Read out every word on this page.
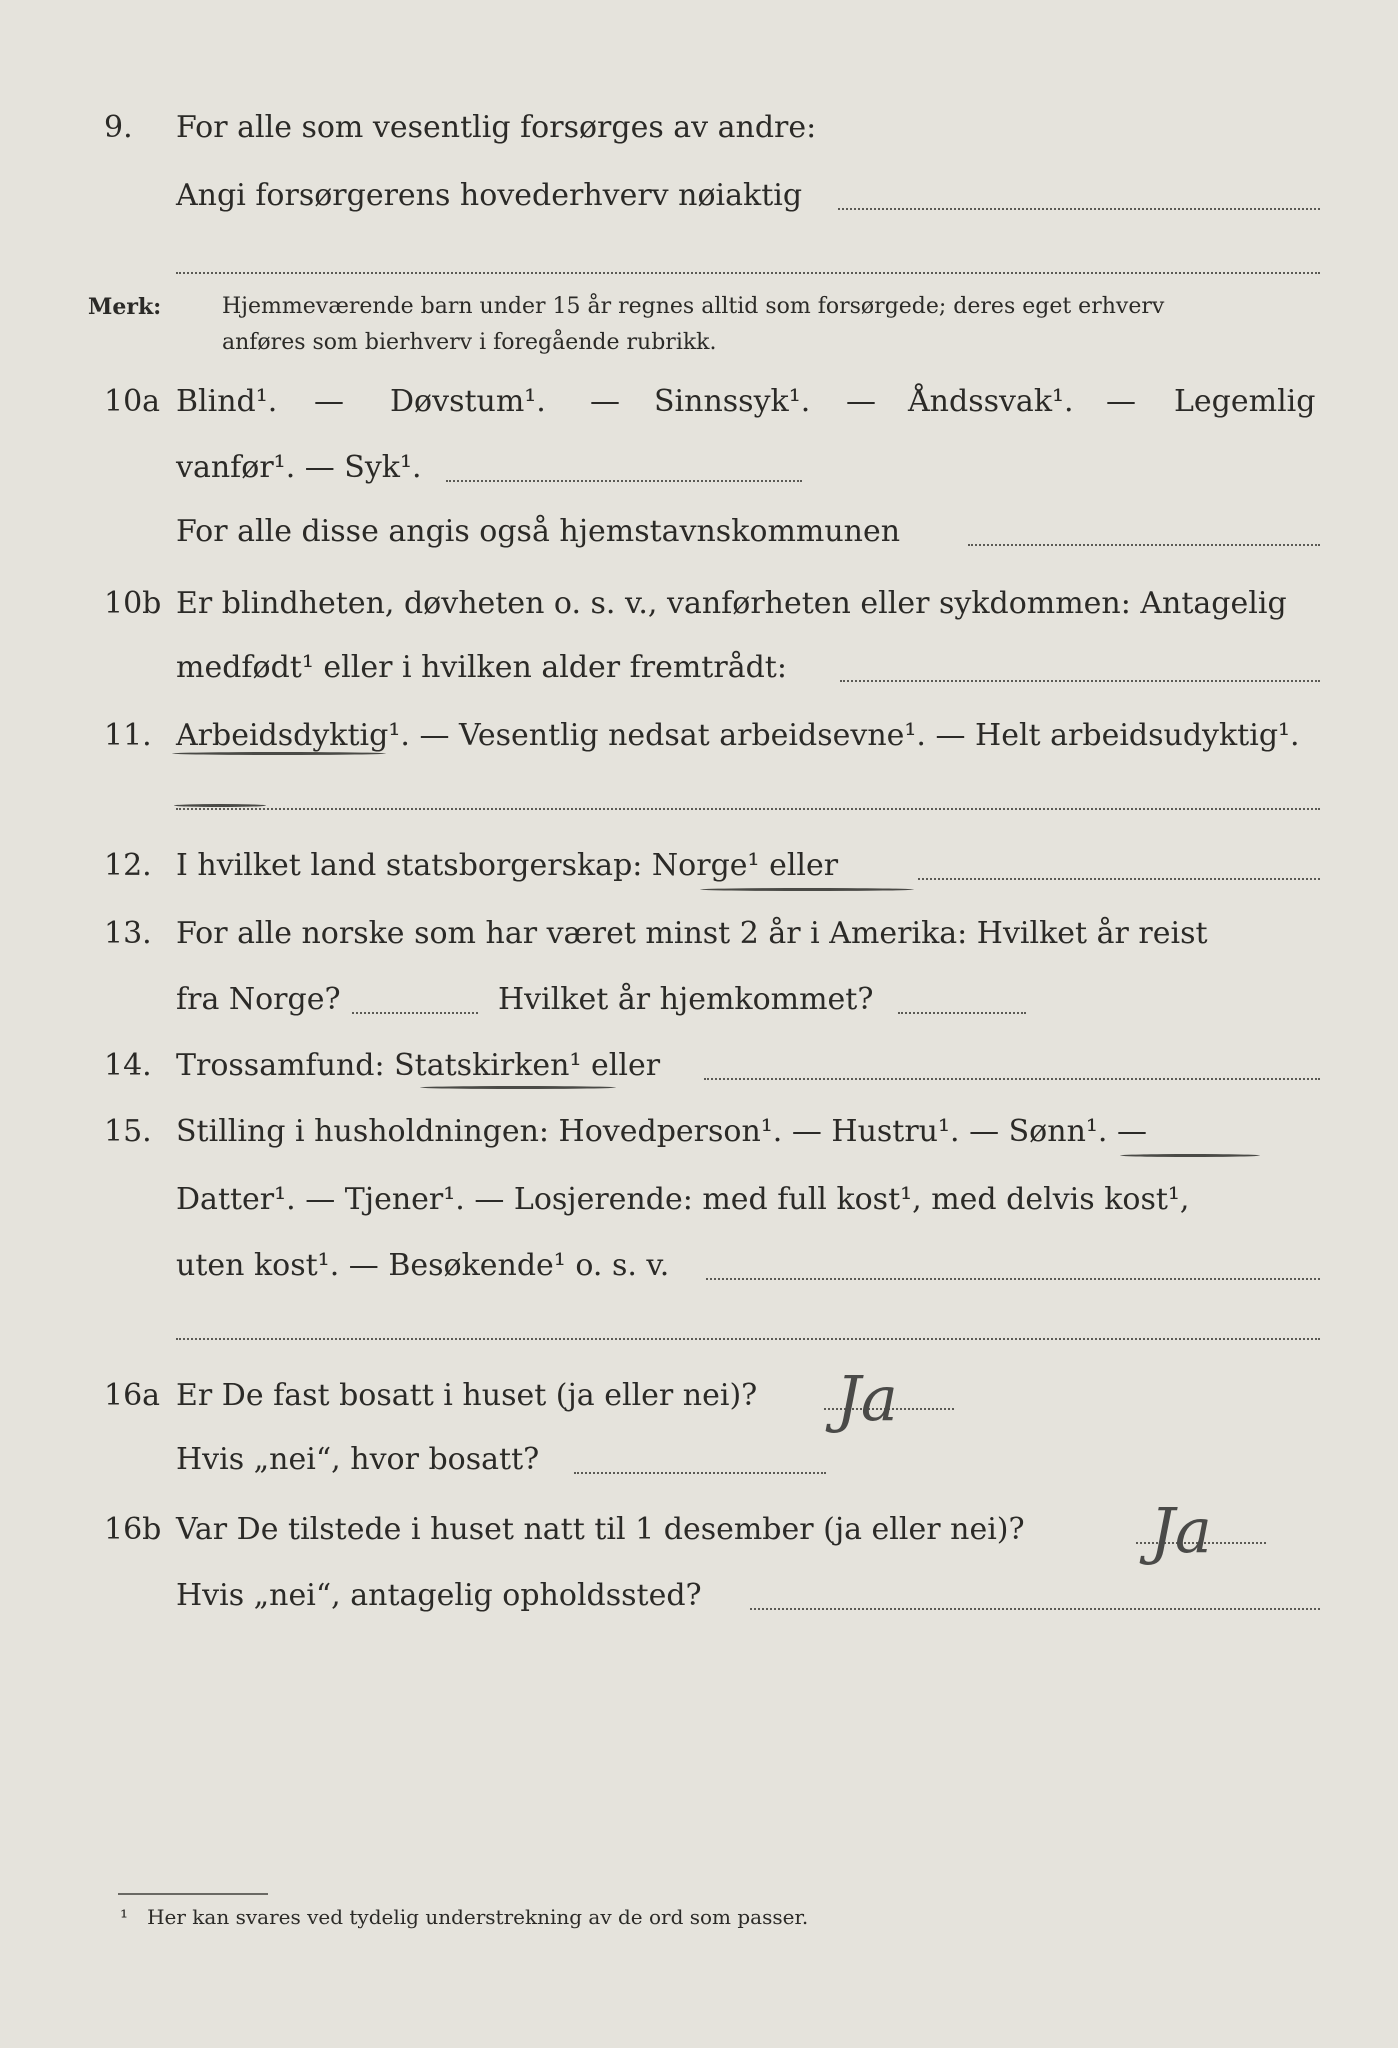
9. For alle som vesentlig forsørges av andre:
Angi forsørgerens hovederhverv nøiaktig
Merk:	Hjemmeværende barn under 15 år regnes alltid som forsørgede; deres eget erhverv
anføres som bierhverv i foregående rubrikk.
10a Blind¹. — Døvstum¹. — Sinnssyk¹. — Åndssvak¹. — Legemlig
vanfør¹. — Syk¹.
For alle disse angis også hjemstavnskommunen
10b Er blindheten, døvheten o. s. v., vanførheten eller sykdommen: Antagelig
medfødt¹ eller i hvilken alder fremtrådt:
11. Arbeidsdyktig¹. — Vesentlig nedsat arbeidsevne¹. — Helt arbeidsudyktig¹.
12. I hvilket land statsborgerskap: Norge¹ eller
13. For alle norske som har været minst 2 år i Amerika: Hvilket år reist
fra Norge?	Hvilket år hjemkommet?
14. Trossamfund: Statskirken¹ eller
15. Stilling i husholdningen: Hovedperson¹. — Hustru¹. — Sønn¹. —
Datter¹. — Tjener¹. — Losjerende: med full kost¹, med delvis kost¹,
uten kost¹. — Besøkende¹ o. s. v.
16a Er De fast bosatt i huset (ja eller nei)? Ja
Hvis „nei“, hvor bosatt?
16b Var De tilstede i huset natt til 1 desember (ja eller nei)? Ja
Hvis „nei“, antagelig opholdssted?
¹ Her kan svares ved tydelig understrekning av de ord som passer.
